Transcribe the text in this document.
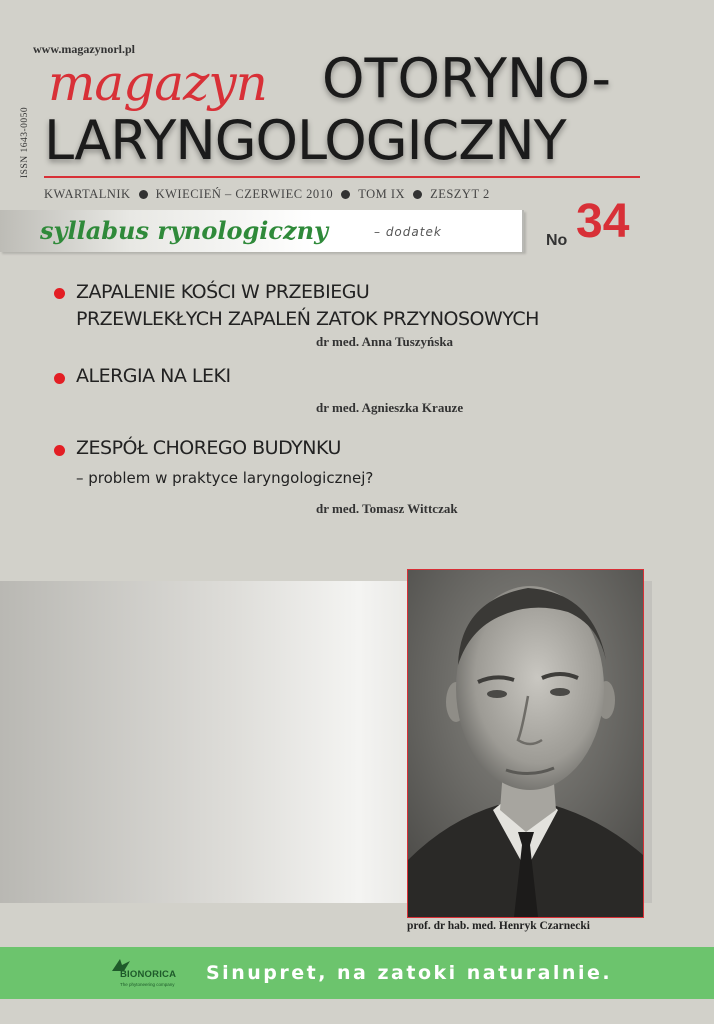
www.magazynorl.pl
ISSN 1643-0050
magazyn OTORYNO-
LARYNGOLOGICZNY
KWARTALNIK KWIECIEŃ – CZERWIEC 2010 TOM IX ZESZYT 2
syllabus rynologiczny	– dodatek	No 34
ZAPALENIE KOŚCI W PRZEBIEGU
PRZEWLEKŁYCH ZAPALEŃ ZATOK PRZYNOSOWYCH
dr med. Anna Tuszyńska
ALERGIA NA LEKI
dr med. Agnieszka Krauze
ZESPÓŁ CHOREGO BUDYNKU
– problem w praktyce laryngologicznej?
dr med. Tomasz Wittczak
prof. dr hab. med. Henryk Czarnecki
BIONORICA
The phytoneering company
Sinupret, na zatoki naturalnie.
